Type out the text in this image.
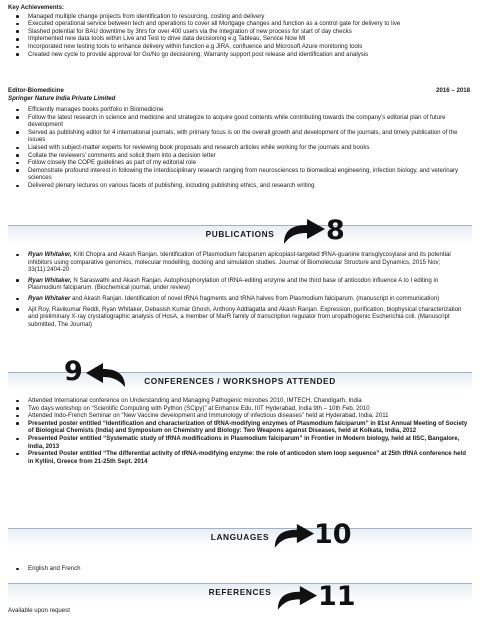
Key Achievements:
Managed multiple change projects from identification to resourcing, costing and delivery
Executed operational service between tech and operations to cover all Mortgage changes and function as a control gate for delivery to live
Slashed potential for BAU downtime by 3hrs for over 400 users via the integration of new process for start of day checks
Implemented new data tools within Live and Test to drive data decisioning e.g Tableau, Service Now MI
Incorporated new testing tools to enhance delivery within function e.g JIRA, confluence and Microsoft Azure monitoring tools
Created new cycle to provide approval for Go/No go decisioning; Warranty support post release and identification and analysis
Editor-Biomedicine
Springer Nature India Private Limited
2016 – 2018
Efficiently manages books portfolio in Biomedicine
Follow the latest research in science and medicine and strategize to acquire good contents while contributing towards the company’s editorial plan of future development
Served as publishing editor for 4 international journals, with primary focus is on the overall growth and development of the journals, and timely publication of the issues
Liaised with subject-matter experts for reviewing book proposals and research articles while working for the journals and books
Collate the reviewers’ comments and solicit them into a decision letter
Follow closely the COPE guidelines as part of my editorial role
Demonstrate profound interest in following the interdisciplinary research ranging from neurosciences to biomedical engineering, infection biology, and veterinary sciences
Delivered plenary lectures on various facets of publishing, including publishing ethics, and research writing
PUBLICATIONS	8
Ryan Whitaker, Kriti Chopra and Akash Ranjan. Identification of Plasmodium falciparum apicoplast-targeted tRNA-guanine transglycosylase and its potential inhibitors using comparative genomics, molecular modelling, docking and simulation studies. Journal of Biomolecular Structure and Dynamics, 2015 Nov; 33(11):2404-20
Ryan Whitaker, N Saraswathi and Akash Ranjan. Autophosphorylation of tRNA-editing enzyme and the third base of anticodon influence A to I editing in Plasmodium falciparum. (Biochemical journal, under review)
Ryan Whitaker and Akash Ranjan. Identification of novel tRNA fragments and tRNA halves from Plasmodium falciparum. (manuscript in communication)
Ajit Roy, Ravikumar Reddi, Ryan Whitaker, Debasish Kumar Ghosh, Anthony Addlagatta and Akash Ranjan. Expression, purification, biophysical characterization and preliminary X-ray crystallographic analysis of HosA, a member of MarR family of transcription regulator from uropathogenic Escherichia coli. (Manuscript submitted, The Journal)
CONFERENCES / WORKSHOPS ATTENDED
9
Attended International conference on Understanding and Managing Pathogenic microbes 2010, IMTECH, Chandigarh, India
Two days workshop on “Scientific Computing with Python (SCipy)” at Enhance Edu, IIIT Hyderabad, India 9th – 10th Feb. 2010
Attended Indo-French Seminar on “New Vaccine development and Immunology of infectious diseases” held at Hyderabad, India, 2011
Presented poster entitled “Identification and characterization of tRNA-modifying enzymes of Plasmodium falciparum” in 81st Annual Meeting of Society of Biological Chemists (India) and Symposium on Chemistry and Biology: Two Weapons against Diseases, held at Kolkata, India, 2012
Presented Poster entitled “Systematic study of tRNA modifications in Plasmodium falciparum” in Frontier in Modern biology, held at IISC, Bangalore, India, 2013
Presented Poster entitled “The differential activity of tRNA-modifying enzyme: the role of anticodon stem loop sequence” at 25th tRNA conference held in Kyllini, Greece from 21-25th Sept. 2014
LANGUAGES	10
English and French
REFERENCES	11
Available upon request
